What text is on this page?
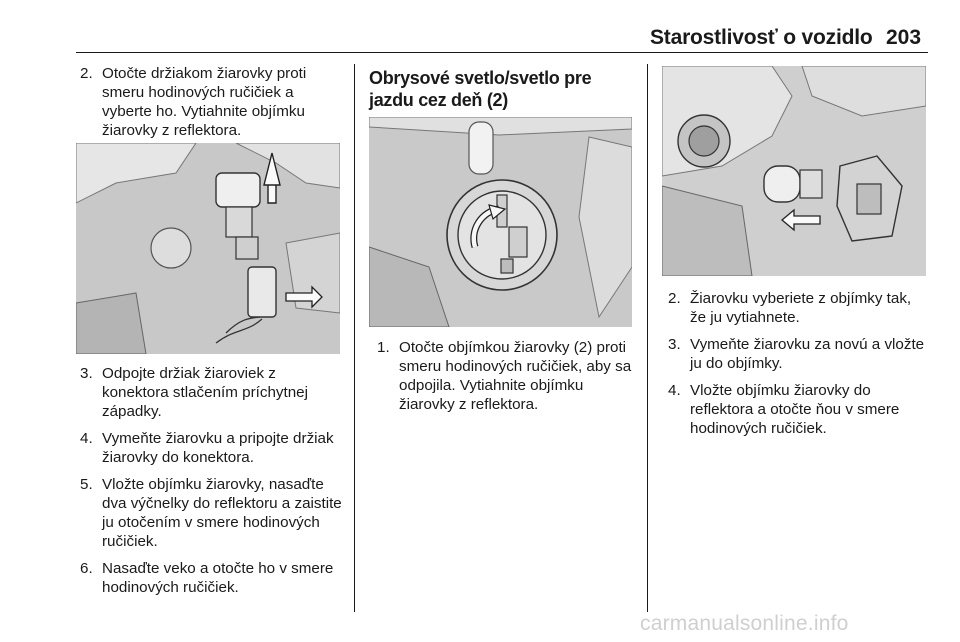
Starostlivosť o vozidlo 203
2. Otočte držiakom žiarovky proti smeru hodinových ručičiek a vyberte ho. Vytiahnite objímku žiarovky z reflektora.
3. Odpojte držiak žiaroviek z konektora stlačením príchytnej západky.
4. Vymeňte žiarovku a pripojte držiak žiarovky do konektora.
5. Vložte objímku žiarovky, nasaďte dva výčnelky do reflektoru a zaistite ju otočením v smere hodinových ručičiek.
6. Nasaďte veko a otočte ho v smere hodinových ručičiek.
Obrysové svetlo/svetlo pre jazdu cez deň (2)
1. Otočte objímkou žiarovky (2) proti smeru hodinových ručičiek, aby sa odpojila. Vytiahnite objímku žiarovky z reflektora.
2. Žiarovku vyberiete z objímky tak, že ju vytiahnete.
3. Vymeňte žiarovku za novú a vložte ju do objímky.
4. Vložte objímku žiarovky do reflektora a otočte ňou v smere hodinových ručičiek.
carmanualsonline.info
